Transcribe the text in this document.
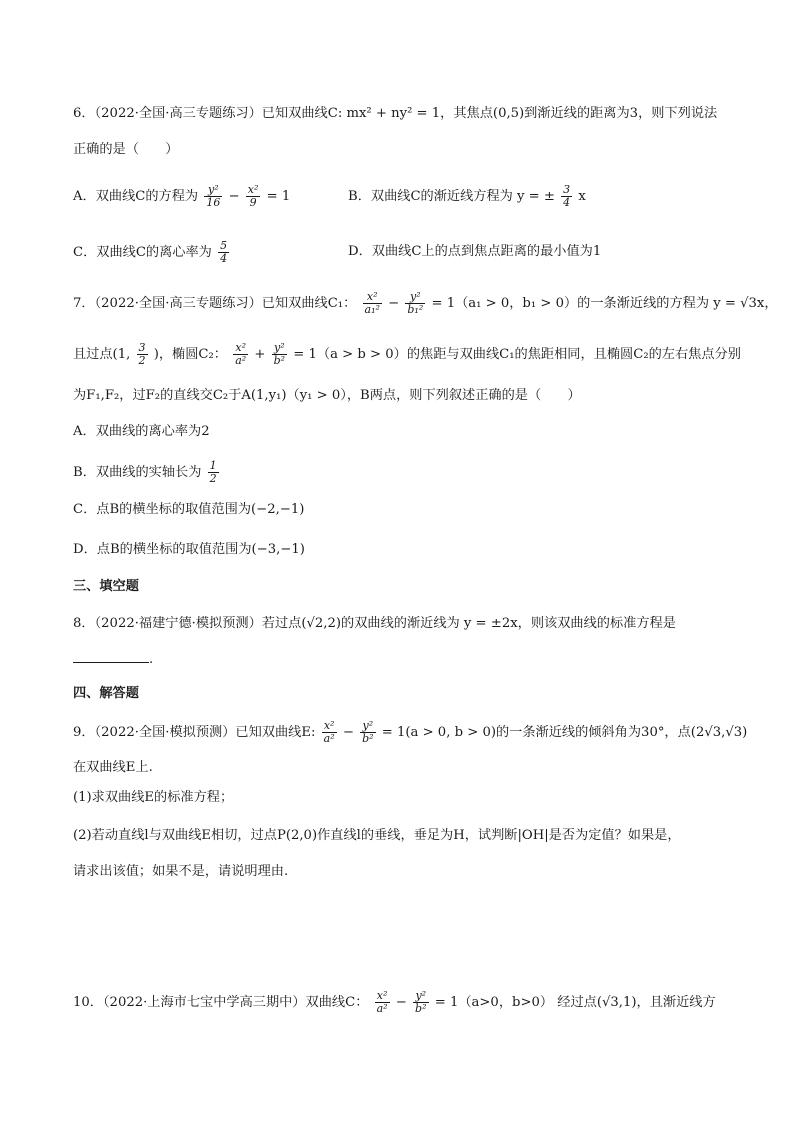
6．（2022·全国·高三专题练习）已知双曲线C: mx² + ny² = 1，其焦点(0,5)到渐近线的距离为3，则下列说法
正确的是（　　）
A．双曲线C的方程为 $\frac{\text{y²}}{16} - \frac{\text{x²}}{9} = 1$	B．双曲线C的渐近线方程为 y = ± $\frac{3}{4}$ x
C．双曲线C的离心率为 $\frac{5}{4}$	D．双曲线C上的点到焦点距离的最小值为1
7．（2022·全国·高三专题练习）已知双曲线C₁： $\frac{\text{x²}}{\text{a₁²}} - \frac{\text{y²}}{\text{b₁²}} = 1(a_1 > 0$，b₁ > 0）的一条渐近线的方程为 y = √3x，
且过点(1, $\frac{3}{2}$ )，椭圆C₂： $\frac{\text{x²}}{\text{a²}} + \frac{\text{y²}}{\text{b²}} = 1(a > b > 0)$的焦距与双曲线C₁的焦距相同，且椭圆C₂的左右焦点分别
为F₁,F₂，过F₂的直线交C₂于A(1,y₁)（y₁ > 0），B两点，则下列叙述正确的是（　　）
A．双曲线的离心率为2
B．双曲线的实轴长为 $\frac{1}{2}$
C．点B的横坐标的取值范围为(−2,−1)
D．点B的横坐标的取值范围为(−3,−1)
三、填空题
8．（2022·福建宁德·模拟预测）若过点(√2,2)的双曲线的渐近线为 y = ±2x，则该双曲线的标准方程是
.
四、解答题
9．（2022·全国·模拟预测）已知双曲线E: $\frac{\text{x²}}{\text{a²}} - \frac{\text{y²}}{\text{b²}} = 1(a > 0$, b > 0)的一条渐近线的倾斜角为30°，点(2√3,√3)
在双曲线E上.
(1)求双曲线E的标准方程；
(2)若动直线l与双曲线E相切，过点P(2,0)作直线l的垂线，垂足为H，试判断|OH|是否为定值？如果是，
请求出该值；如果不是，请说明理由.
10．（2022·上海市七宝中学高三期中）双曲线C： $\frac{\text{x²}}{\text{a²}} - \frac{\text{y²}}{\text{b²}} = 1(a>0$，b>0） 经过点(√3,1)，且渐近线方
